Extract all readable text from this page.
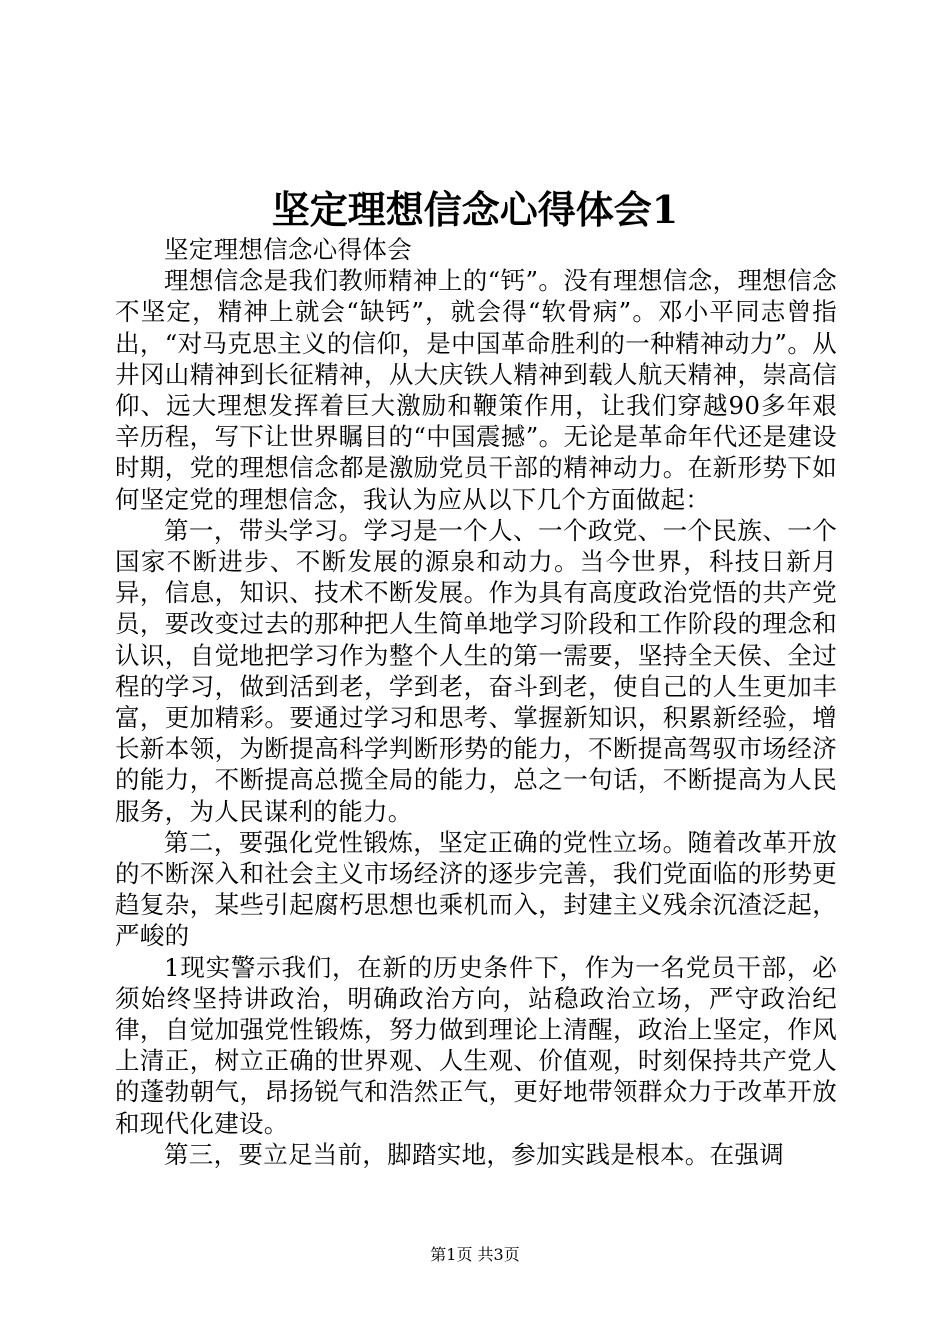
坚定理想信念心得体会1

坚定理想信念心得体会

理想信念是我们教师精神上的“钙”。没有理想信念，理想信念不坚定，精神上就会“缺钙”，就会得“软骨病”。邓小平同志曾指出，“对马克思主义的信仰，是中国革命胜利的一种精神动力”。从井冈山精神到长征精神，从大庆铁人精神到载人航天精神，崇高信仰、远大理想发挥着巨大激励和鞭策作用，让我们穿越90多年艰辛历程，写下让世界瞩目的“中国震撼”。无论是革命年代还是建设时期，党的理想信念都是激励党员干部的精神动力。在新形势下如何坚定党的理想信念，我认为应从以下几个方面做起：

第一，带头学习。学习是一个人、一个政党、一个民族、一个国家不断进步、不断发展的源泉和动力。当今世界，科技日新月异，信息，知识、技术不断发展。作为具有高度政治党悟的共产党员，要改变过去的那种把人生简单地学习阶段和工作阶段的理念和认识，自觉地把学习作为整个人生的第一需要，坚持全天侯、全过程的学习，做到活到老，学到老，奋斗到老，使自己的人生更加丰富，更加精彩。要通过学习和思考、掌握新知识，积累新经验，增长新本领，为断提高科学判断形势的能力，不断提高驾驭市场经济的能力，不断提高总揽全局的能力，总之一句话，不断提高为人民服务，为人民谋利的能力。

第二，要强化党性锻炼，坚定正确的党性立场。随着改革开放的不断深入和社会主义市场经济的逐步完善，我们党面临的形势更趋复杂，某些引起腐朽思想也乘机而入，封建主义残余沉渣泛起，严峻的

1现实警示我们，在新的历史条件下，作为一名党员干部，必须始终坚持讲政治，明确政治方向，站稳政治立场，严守政治纪律，自觉加强党性锻炼，努力做到理论上清醒，政治上坚定，作风上清正，树立正确的世界观、人生观、价值观，时刻保持共产党人的蓬勃朝气，昂扬锐气和浩然正气，更好地带领群众力于改革开放和现代化建设。

第三，要立足当前，脚踏实地，参加实践是根本。在强调

第1页 共3页
